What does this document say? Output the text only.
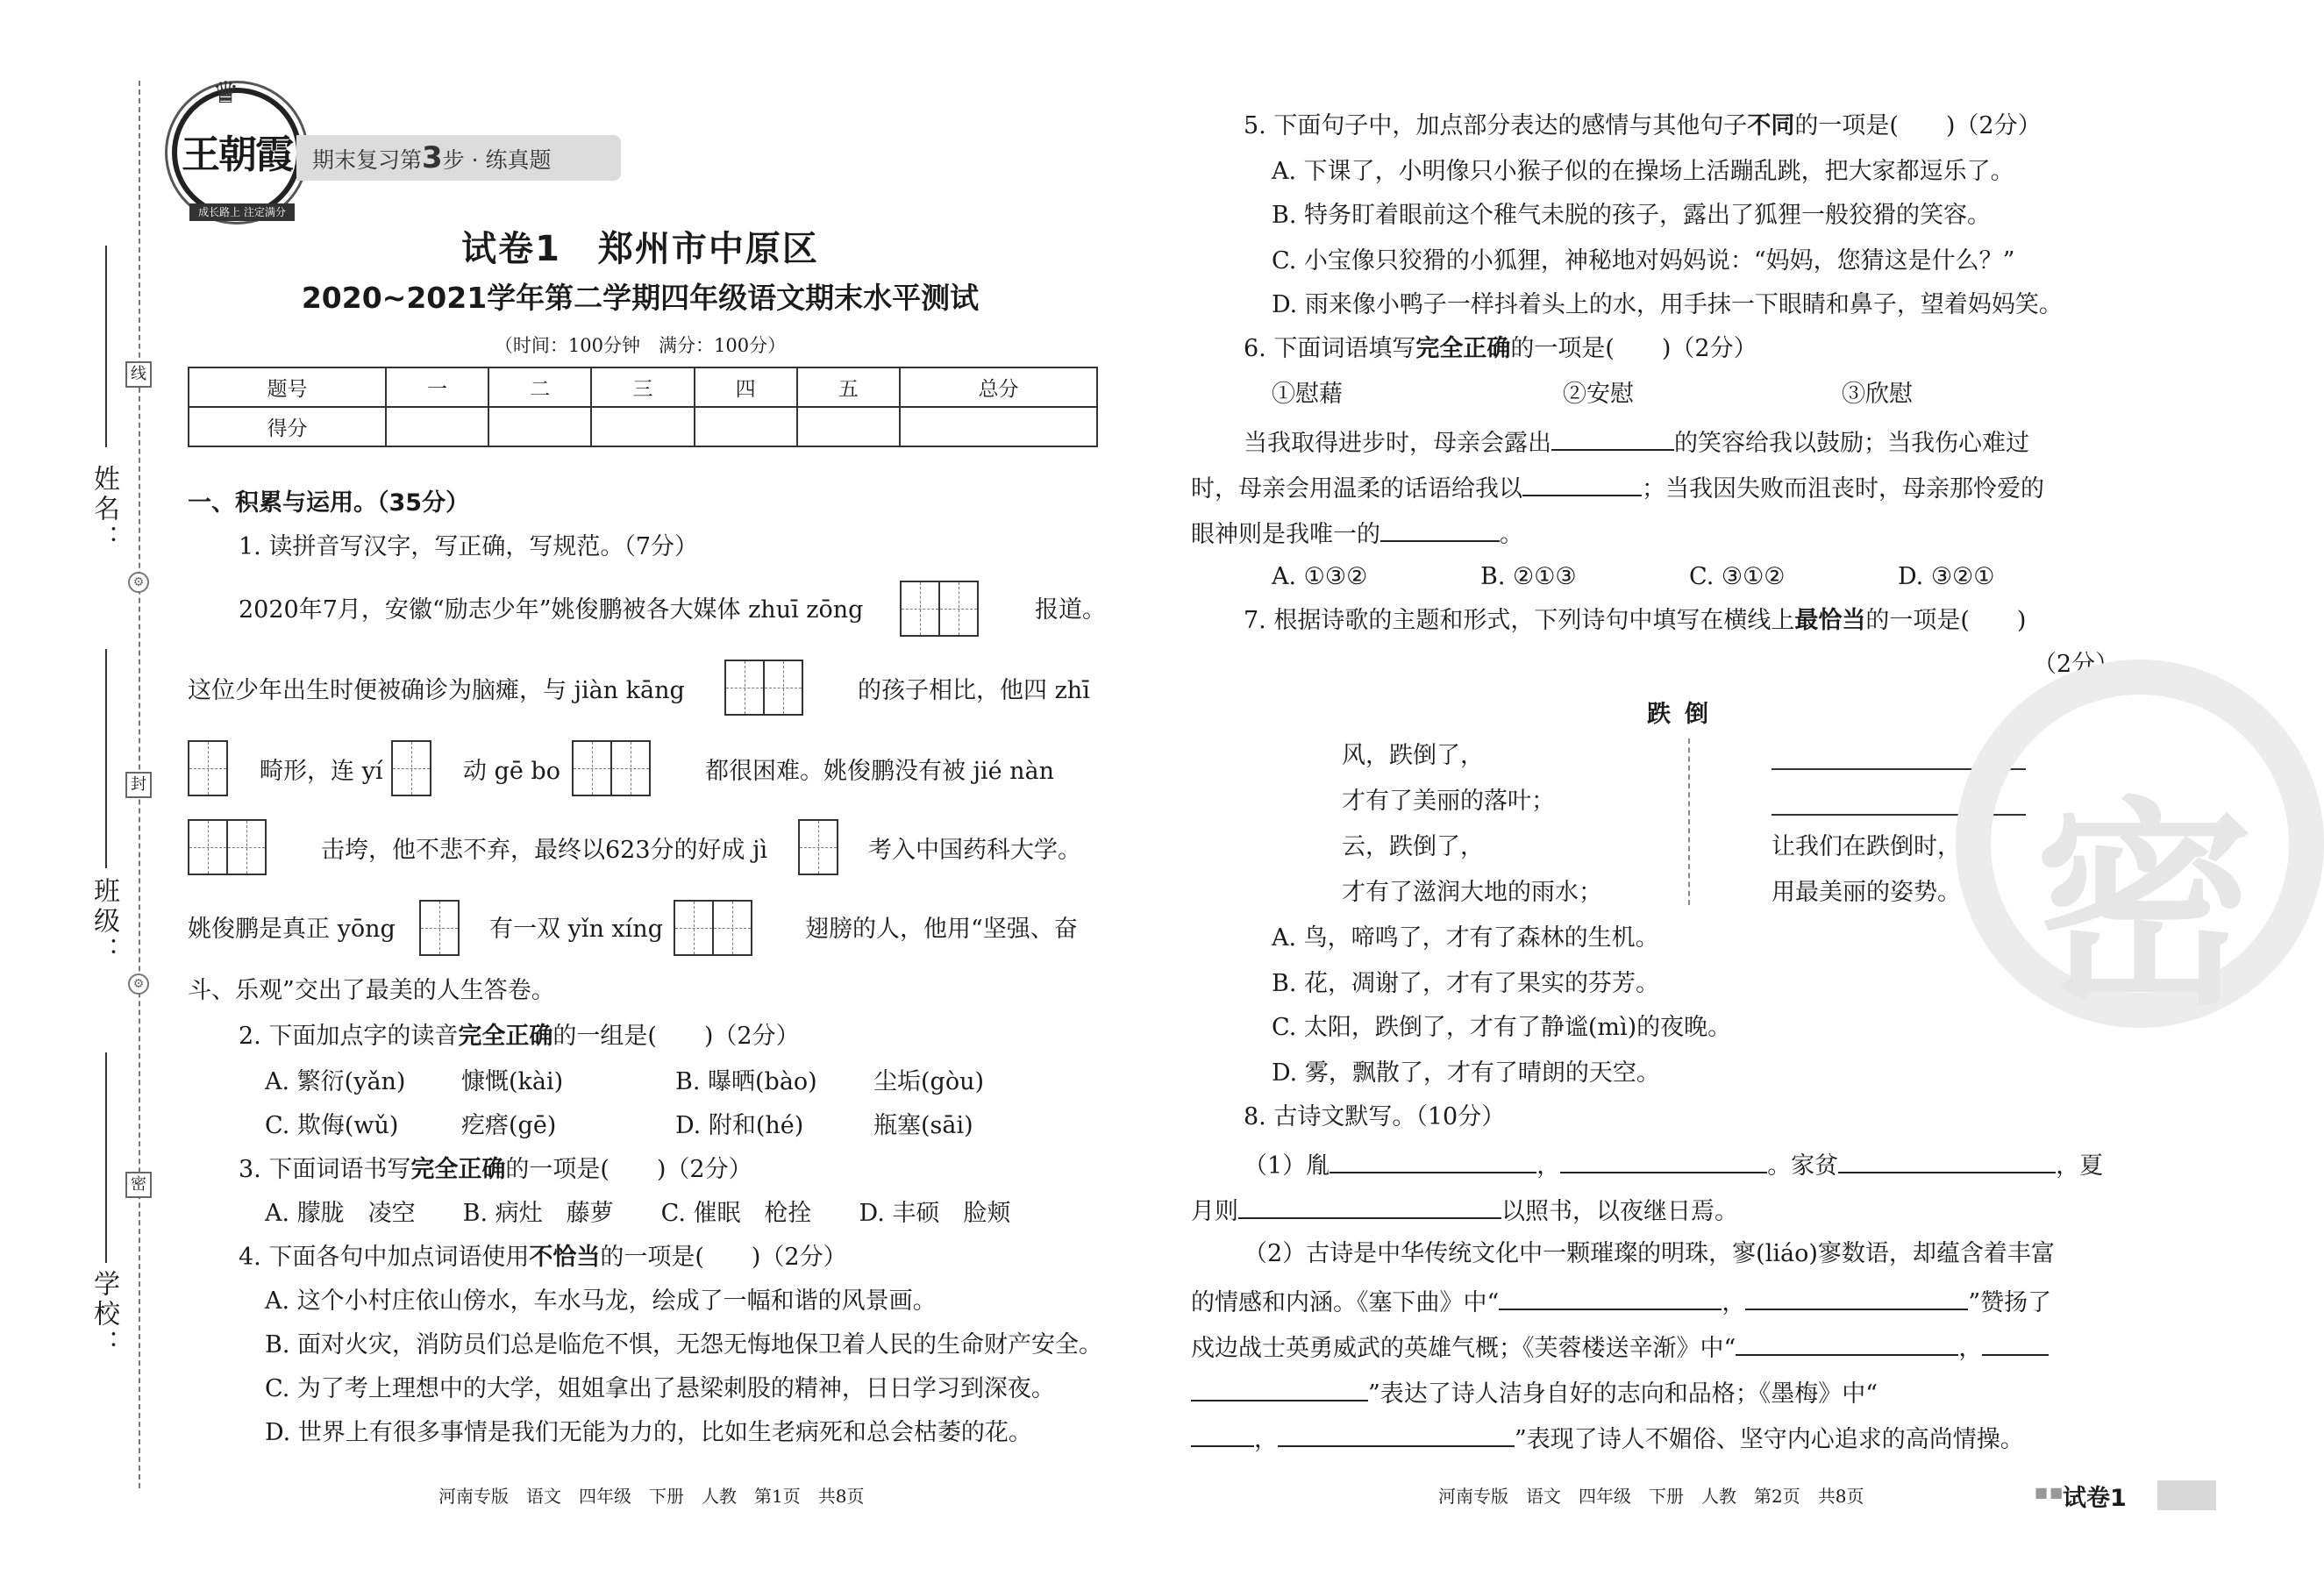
姓名：
线
⚙
班级：
封
⚙
学校：
密
♛
王朝霞
成长路上 注定满分
期末复习第3步 · 练真题
试卷1　郑州市中原区
2020~2021学年第二学期四年级语文期末水平测试
（时间：100分钟　满分：100分）
题号	一	二	三	四	五	总分
得分						
一、积累与运用。（35分）
1. 读拼音写汉字，写正确，写规范。（7分）
2020年7月，安徽“励志少年”姚俊鹏被各大媒体 zhuī zōng	报道。
这位少年出生时便被确诊为脑瘫，与 jiàn kāng	的孩子相比，他四 zhī
畸形，连 yí	动 gē bo	都很困难。姚俊鹏没有被 jié nàn
击垮，他不悲不弃，最终以623分的好成 jì	考入中国药科大学。
姚俊鹏是真正 yōng	有一双 yǐn xíng	翅膀的人，他用“坚强、奋
斗、乐观”交出了最美的人生答卷。
2. 下面加点字的读音完全正确的一组是(　　)（2分）
A. 繁衍(yǎn) 慷慨(kài)	B. 曝晒(bào) 尘垢(gòu)
C. 欺侮(wǔ)	疙瘩(gē)	D. 附和(hé)	瓶塞(sāi)
3. 下面词语书写完全正确的一项是(　　)（2分）
A. 朦胧　凌空　　B. 病灶　藤萝　　C. 催眠　枪拴　　D. 丰硕　脸颊
4. 下面各句中加点词语使用不恰当的一项是(　　)（2分）
A. 这个小村庄依山傍水，车水马龙，绘成了一幅和谐的风景画。
B. 面对火灾，消防员们总是临危不惧，无怨无悔地保卫着人民的生命财产安全。
C. 为了考上理想中的大学，姐姐拿出了悬梁刺股的精神，日日学习到深夜。
D. 世界上有很多事情是我们无能为力的，比如生老病死和总会枯萎的花。
河南专版　语文　四年级　下册　人教　第1页　共8页
5. 下面句子中，加点部分表达的感情与其他句子不同的一项是(　　)（2分）
A. 下课了，小明像只小猴子似的在操场上活蹦乱跳，把大家都逗乐了。
B. 特务盯着眼前这个稚气未脱的孩子，露出了狐狸一般狡猾的笑容。
C. 小宝像只狡猾的小狐狸，神秘地对妈妈说：“妈妈，您猜这是什么？”
D. 雨来像小鸭子一样抖着头上的水，用手抹一下眼睛和鼻子，望着妈妈笑。
6. 下面词语填写完全正确的一项是(　　)（2分）
①慰藉	②安慰	③欣慰
当我取得进步时，母亲会露出	的笑容给我以鼓励；当我伤心难过
时，母亲会用温柔的话语给我以	；当我因失败而沮丧时，母亲那怜爱的
眼神则是我唯一的	。
A. ①③②	B. ②①③	C. ③①②	D. ③②①
7. 根据诗歌的主题和形式，下列诗句中填写在横线上最恰当的一项是(　　)
（2分）
跌倒
风，跌倒了，
才有了美丽的落叶；
云，跌倒了，
才有了滋润大地的雨水；
让我们在跌倒时，
用最美丽的姿势。
A. 鸟，啼鸣了，才有了森林的生机。
B. 花，凋谢了，才有了果实的芬芳。
C. 太阳，跌倒了，才有了静谧(mì)的夜晚。
D. 雾，飘散了，才有了晴朗的天空。
8. 古诗文默写。（10分）
（1）胤	，	。家贫	，夏
月则	以照书，以夜继日焉。
（2）古诗是中华传统文化中一颗璀璨的明珠，寥(liáo)寥数语，却蕴含着丰富
的情感和内涵。《塞下曲》中“	，	”赞扬了
戍边战士英勇威武的英雄气概；《芙蓉楼送辛渐》中“	，
”表达了诗人洁身自好的志向和品格；《墨梅》中“
，	”表现了诗人不媚俗、坚守内心追求的高尚情操。
河南专版　语文　四年级　下册　人教　第2页　共8页
密
■■
试卷1
